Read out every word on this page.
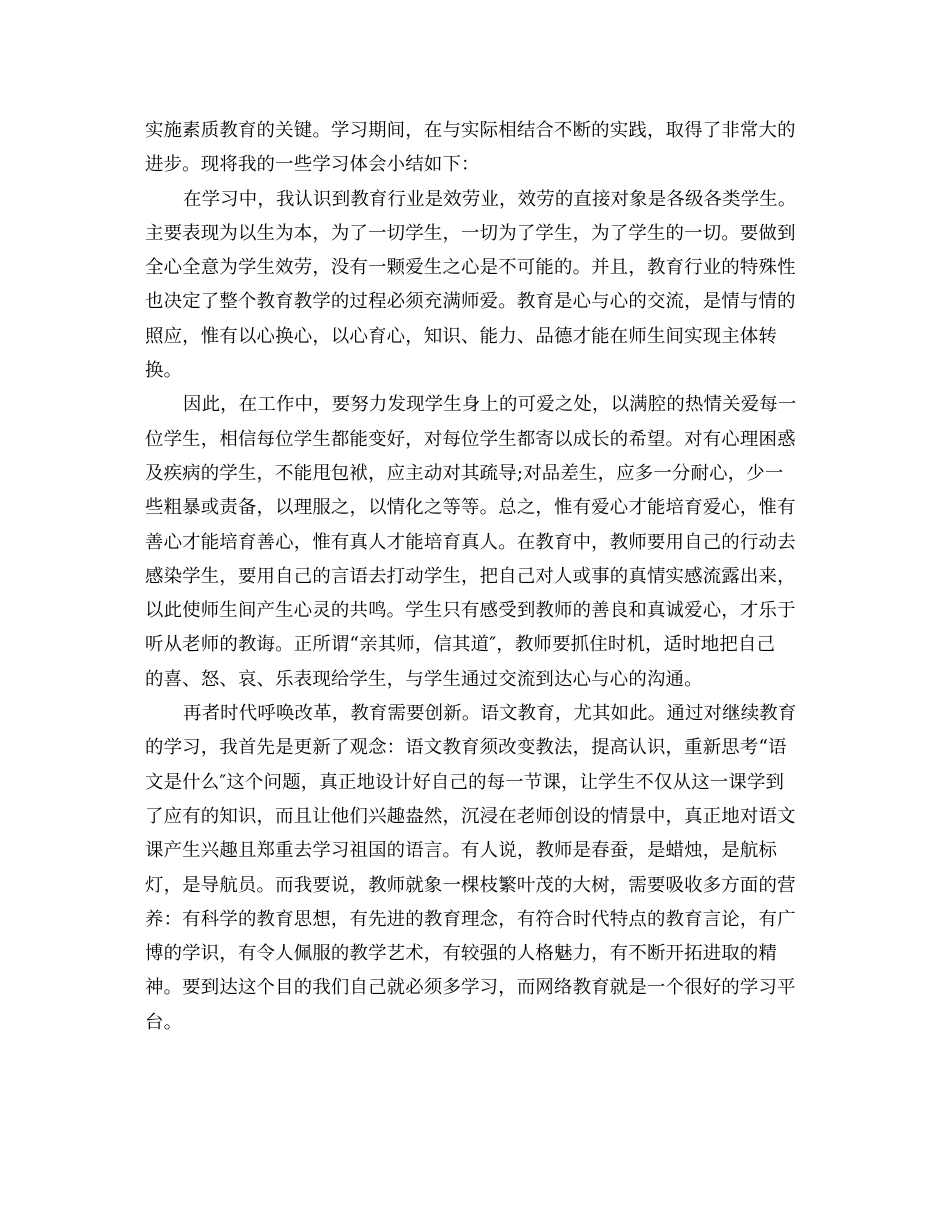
实施素质教育的关键。学习期间，在与实际相结合不断的实践，取得了非常大的
进步。现将我的一些学习体会小结如下：
在学习中，我认识到教育行业是效劳业，效劳的直接对象是各级各类学生。
主要表现为以生为本，为了一切学生，一切为了学生，为了学生的一切。要做到
全心全意为学生效劳，没有一颗爱生之心是不可能的。并且，教育行业的特殊性
也决定了整个教育教学的过程必须充满师爱。教育是心与心的交流，是情与情的
照应，惟有以心换心，以心育心，知识、能力、品德才能在师生间实现主体转
换。
因此，在工作中，要努力发现学生身上的可爱之处，以满腔的热情关爱每一
位学生，相信每位学生都能变好，对每位学生都寄以成长的希望。对有心理困惑
及疾病的学生，不能甩包袱，应主动对其疏导;对品差生，应多一分耐心，少一
些粗暴或责备，以理服之，以情化之等等。总之，惟有爱心才能培育爱心，惟有
善心才能培育善心，惟有真人才能培育真人。在教育中，教师要用自己的行动去
感染学生，要用自己的言语去打动学生，把自己对人或事的真情实感流露出来，
以此使师生间产生心灵的共鸣。学生只有感受到教师的善良和真诚爱心，才乐于
听从老师的教诲。正所谓“亲其师，信其道″，教师要抓住时机，适时地把自己
的喜、怒、哀、乐表现给学生，与学生通过交流到达心与心的沟通。
再者时代呼唤改革，教育需要创新。语文教育，尤其如此。通过对继续教育
的学习，我首先是更新了观念：语文教育须改变教法，提高认识，重新思考“语
文是什么″这个问题，真正地设计好自己的每一节课，让学生不仅从这一课学到
了应有的知识，而且让他们兴趣盎然，沉浸在老师创设的情景中，真正地对语文
课产生兴趣且郑重去学习祖国的语言。有人说，教师是春蚕，是蜡烛，是航标
灯，是导航员。而我要说，教师就象一棵枝繁叶茂的大树，需要吸收多方面的营
养：有科学的教育思想，有先进的教育理念，有符合时代特点的教育言论，有广
博的学识，有令人佩服的教学艺术，有较强的人格魅力，有不断开拓进取的精
神。要到达这个目的我们自己就必须多学习，而网络教育就是一个很好的学习平
台。
